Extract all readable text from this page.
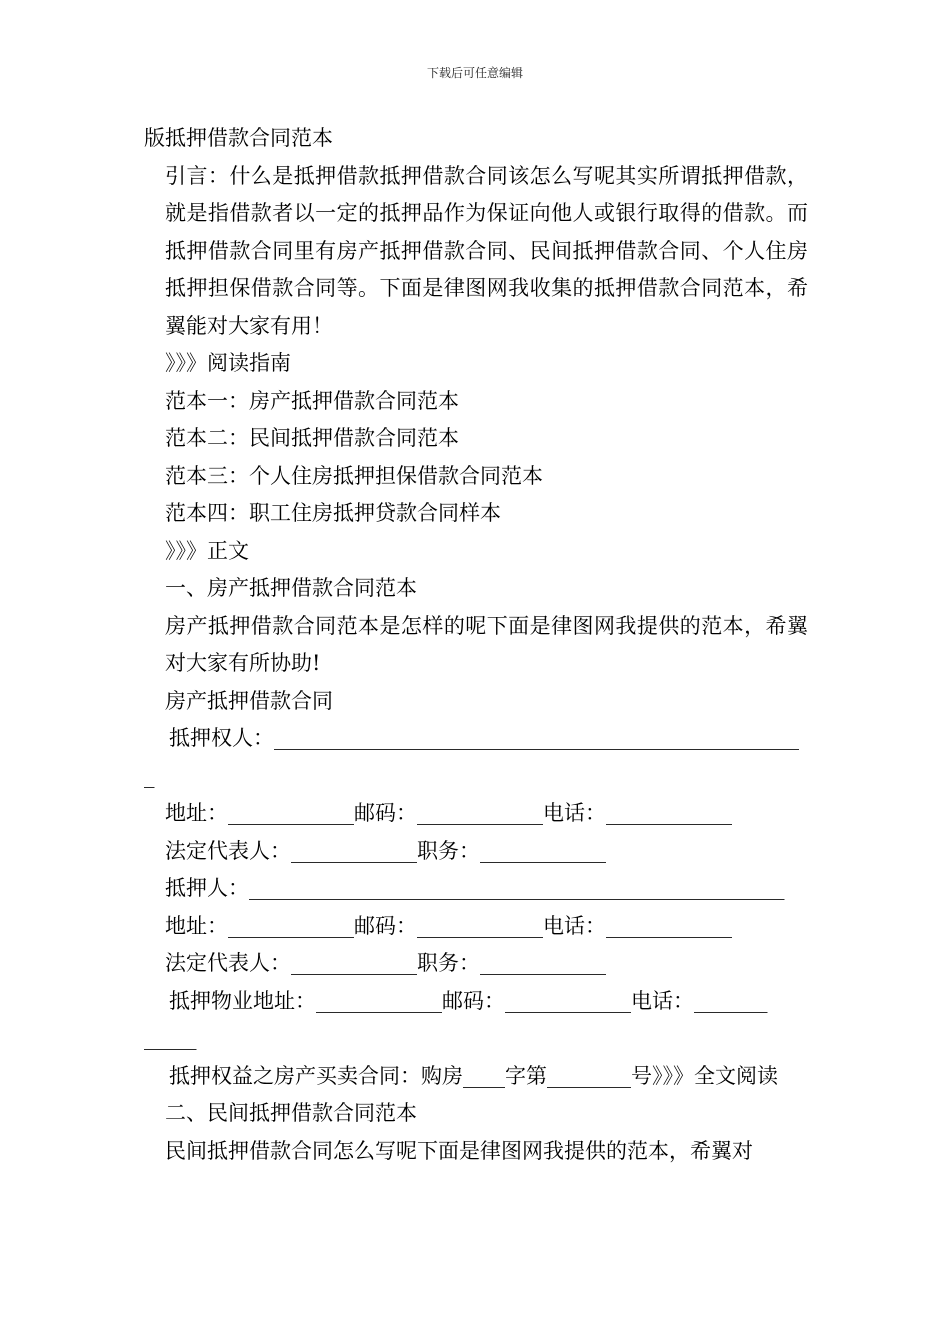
下载后可任意编辑

版抵押借款合同范本

引言：什么是抵押借款抵押借款合同该怎么写呢其实所谓抵押借款，就是指借款者以一定的抵押品作为保证向他人或银行取得的借款。而抵押借款合同里有房产抵押借款合同、民间抵押借款合同、个人住房抵押担保借款合同等。下面是律图网我收集的抵押借款合同范本，希翼能对大家有用！

》》》阅读指南

范本一：房产抵押借款合同范本

范本二：民间抵押借款合同范本

范本三：个人住房抵押担保借款合同范本

范本四：职工住房抵押贷款合同样本

》》》正文

一、房产抵押借款合同范本

房产抵押借款合同范本是怎样的呢下面是律图网我提供的范本，希翼对大家有所协助!

房产抵押借款合同

抵押权人：__________________________________________________

_

地址：____________邮码：____________电话：____________

法定代表人：____________职务：____________

抵押人：___________________________________________________

地址：____________邮码：____________电话：____________

法定代表人：____________职务：____________

抵押物业地址：____________邮码：____________电话：_______

_____

抵押权益之房产买卖合同：购房____字第________号》》》全文阅读

二、民间抵押借款合同范本

民间抵押借款合同怎么写呢下面是律图网我提供的范本，希翼对
